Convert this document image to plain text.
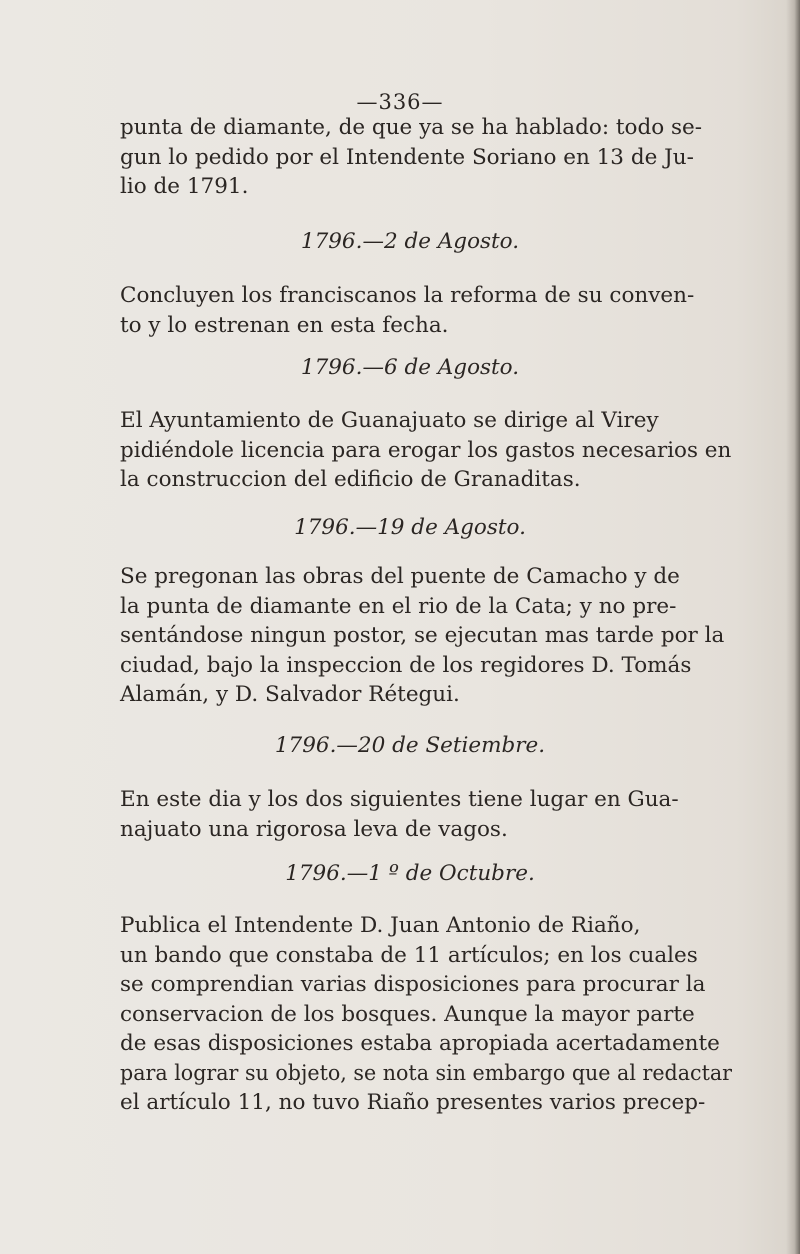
—336—
punta de diamante, de que ya se ha hablado: todo se-
gun lo pedido por el Intendente Soriano en 13 de Ju-
lio de 1791.
1796.—2 de Agosto.
Concluyen los franciscanos la reforma de su conven-
to y lo estrenan en esta fecha.
1796.—6 de Agosto.
El Ayuntamiento de Guanajuato se dirige al Virey
pidiéndole licencia para erogar los gastos necesarios en
la construccion del edificio de Granaditas.
1796.—19 de Agosto.
Se pregonan las obras del puente de Camacho y de
la punta de diamante en el rio de la Cata; y no pre-
sentándose ningun postor, se ejecutan mas tarde por la
ciudad, bajo la inspeccion de los regidores D. Tomás
Alamán, y D. Salvador Rétegui.
1796.—20 de Setiembre.
En este dia y los dos siguientes tiene lugar en Gua-
najuato una rigorosa leva de vagos.
1796.—1 º de Octubre.
Publica el Intendente D. Juan Antonio de Riaño,
un bando que constaba de 11 artículos; en los cuales
se comprendian varias disposiciones para procurar la
conservacion de los bosques. Aunque la mayor parte
de esas disposiciones estaba apropiada acertadamente
para lograr su objeto, se nota sin embargo que al redactar
el artículo 11, no tuvo Riaño presentes varios precep-
